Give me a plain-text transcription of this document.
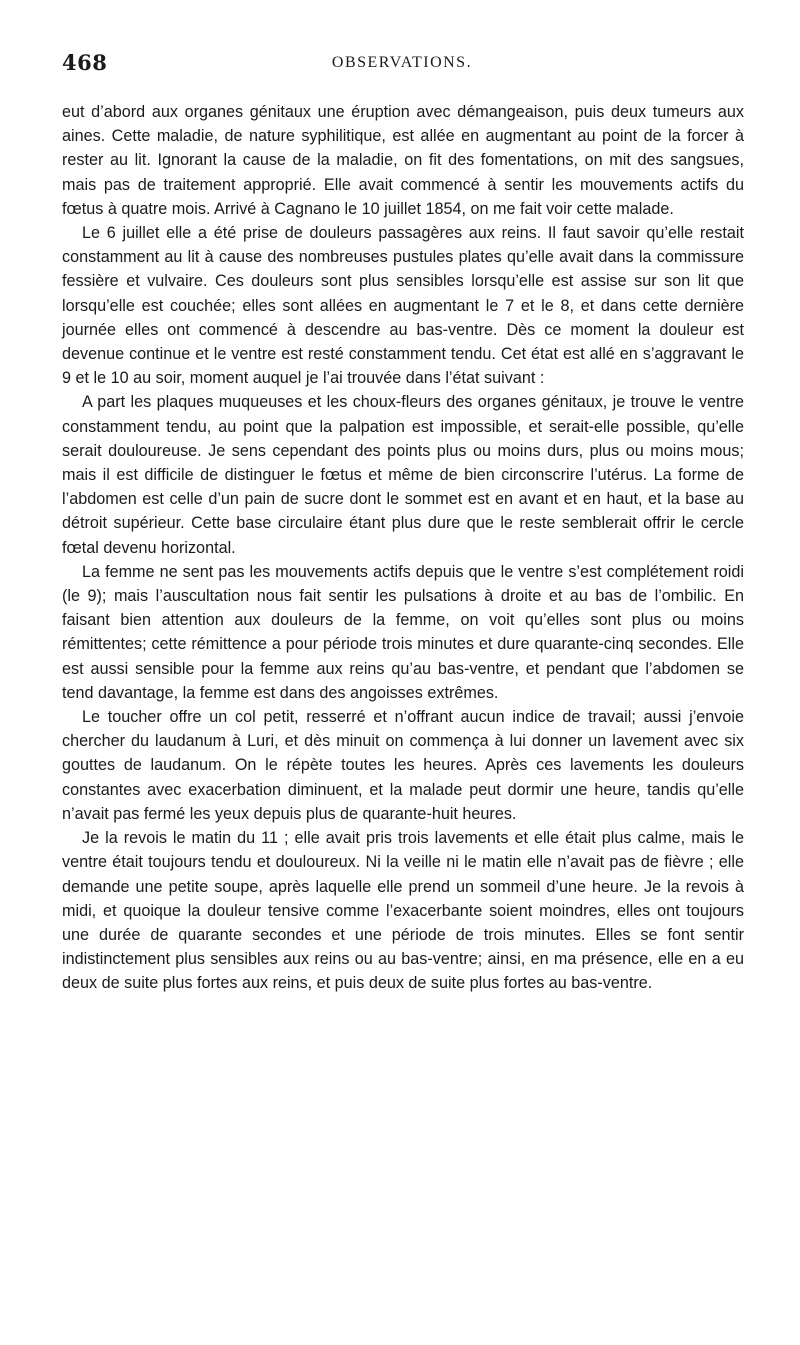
468	OBSERVATIONS.

eut d’abord aux organes génitaux une éruption avec démangeaison, puis deux tumeurs aux aines. Cette maladie, de nature syphilitique, est allée en augmentant au point de la forcer à rester au lit. Ignorant la cause de la maladie, on fit des fomentations, on mit des sangsues, mais pas de traitement approprié. Elle avait commencé à sentir les mouvements actifs du fœtus à quatre mois. Arrivé à Cagnano le 10 juillet 1854, on me fait voir cette malade.

Le 6 juillet elle a été prise de douleurs passagères aux reins. Il faut savoir qu’elle restait constamment au lit à cause des nombreuses pustules plates qu’elle avait dans la commissure fessière et vulvaire. Ces douleurs sont plus sensibles lorsqu’elle est assise sur son lit que lorsqu’elle est couchée; elles sont allées en augmentant le 7 et le 8, et dans cette dernière journée elles ont commencé à descendre au bas-ventre. Dès ce moment la douleur est devenue continue et le ventre est resté constamment tendu. Cet état est allé en s’aggravant le 9 et le 10 au soir, moment auquel je l’ai trouvée dans l’état suivant :

A part les plaques muqueuses et les choux-fleurs des organes génitaux, je trouve le ventre constamment tendu, au point que la palpation est impossible, et serait-elle possible, qu’elle serait douloureuse. Je sens cependant des points plus ou moins durs, plus ou moins mous; mais il est difficile de distinguer le fœtus et même de bien circonscrire l’utérus. La forme de l’abdomen est celle d’un pain de sucre dont le sommet est en avant et en haut, et la base au détroit supérieur. Cette base circulaire étant plus dure que le reste semblerait offrir le cercle fœtal devenu horizontal.

La femme ne sent pas les mouvements actifs depuis que le ventre s’est complétement roidi (le 9); mais l’auscultation nous fait sentir les pulsations à droite et au bas de l’ombilic. En faisant bien attention aux douleurs de la femme, on voit qu’elles sont plus ou moins rémittentes; cette rémittence a pour période trois minutes et dure quarante-cinq secondes. Elle est aussi sensible pour la femme aux reins qu’au bas-ventre, et pendant que l’abdomen se tend davantage, la femme est dans des angoisses extrêmes.

Le toucher offre un col petit, resserré et n’offrant aucun indice de travail; aussi j’envoie chercher du laudanum à Luri, et dès minuit on commença à lui donner un lavement avec six gouttes de laudanum. On le répète toutes les heures. Après ces lavements les douleurs constantes avec exacerbation diminuent, et la malade peut dormir une heure, tandis qu’elle n’avait pas fermé les yeux depuis plus de quarante-huit heures.

Je la revois le matin du 11 ; elle avait pris trois lavements et elle était plus calme, mais le ventre était toujours tendu et douloureux. Ni la veille ni le matin elle n’avait pas de fièvre ; elle demande une petite soupe, après laquelle elle prend un sommeil d’une heure. Je la revois à midi, et quoique la douleur tensive comme l’exacerbante soient moindres, elles ont toujours une durée de quarante secondes et une période de trois minutes. Elles se font sentir indistinctement plus sensibles aux reins ou au bas-ventre; ainsi, en ma présence, elle en a eu deux de suite plus fortes aux reins, et puis deux de suite plus fortes au bas-ventre.
